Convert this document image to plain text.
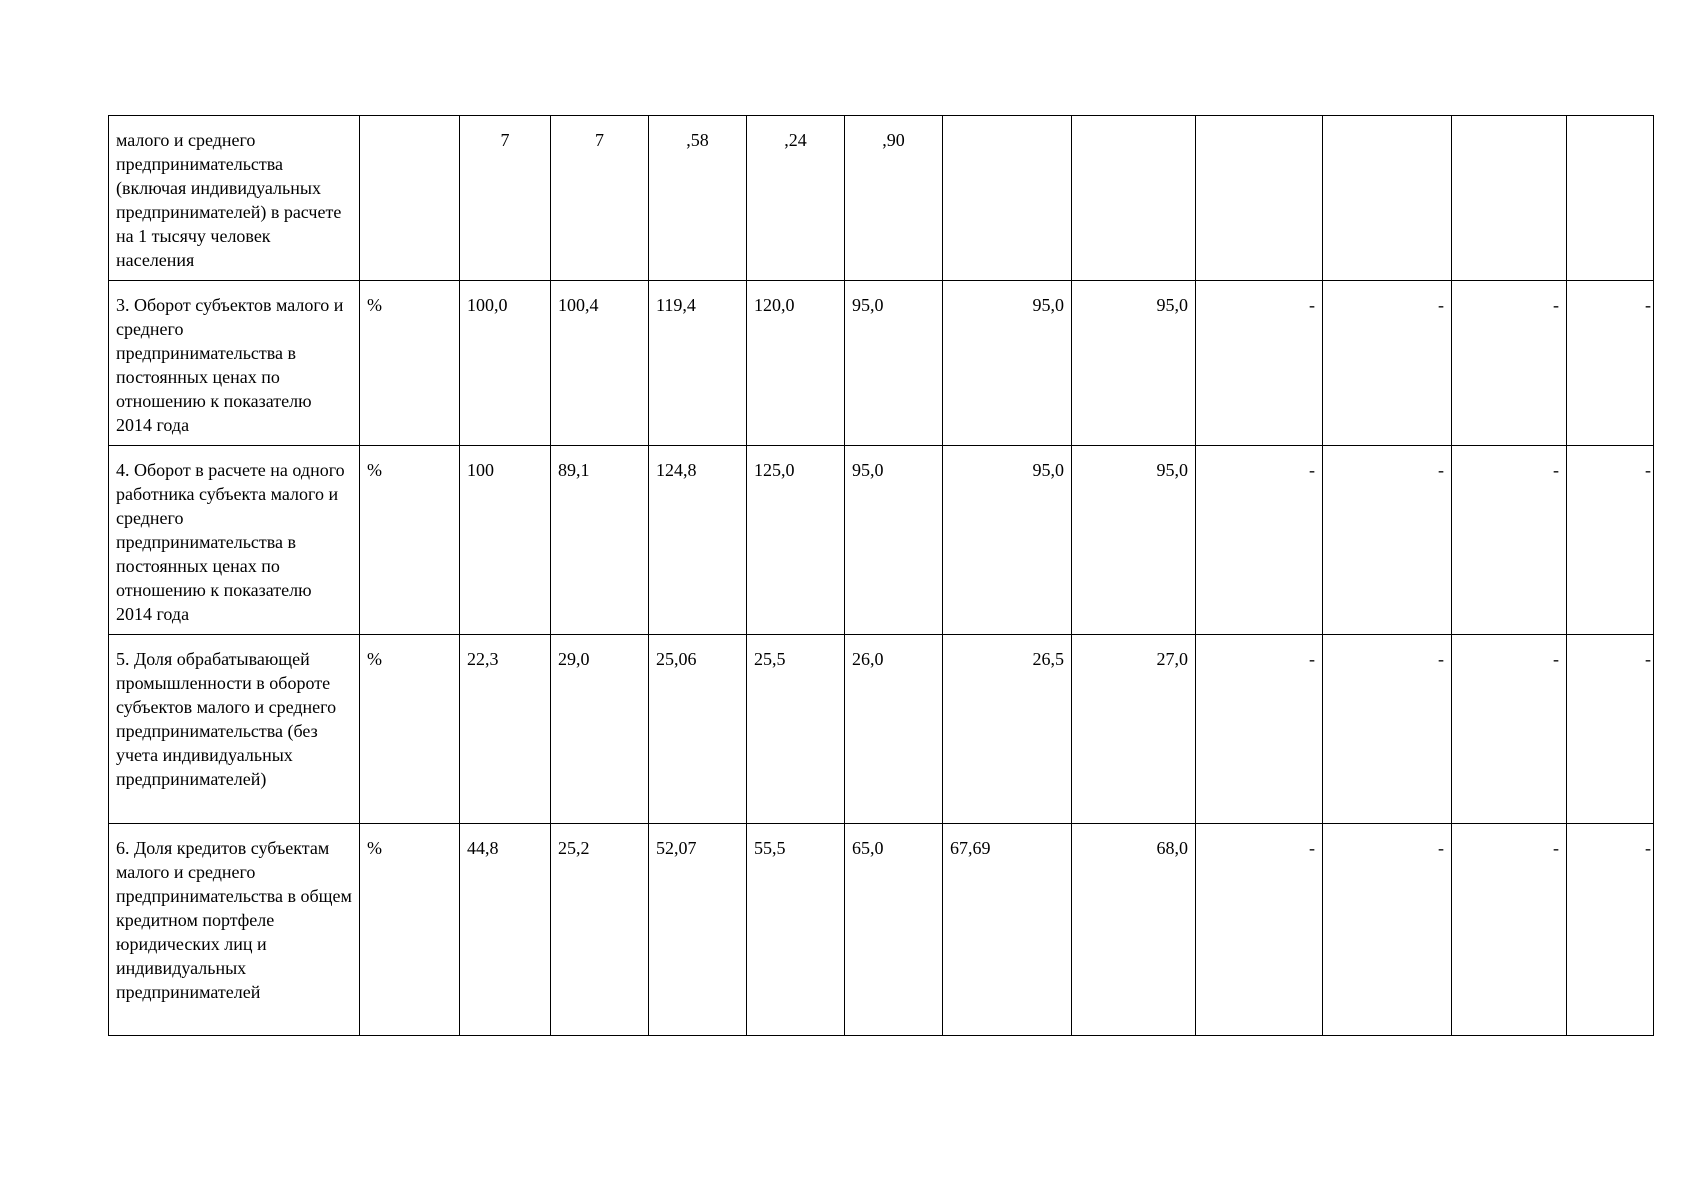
малого и среднего предпринимательства (включая индивидуальных предпринимателей) в расчете на 1 тысячу человек населения		7	7	,58	,24	,90						
3. Оборот субъектов малого и среднего предпринимательства в постоянных ценах по отношению к показателю 2014 года	%	100,0	100,4	119,4	120,0	95,0	95,0	95,0	-	-	-	-
4. Оборот в расчете на одного работника субъекта малого и среднего предпринимательства в постоянных ценах по отношению к показателю 2014 года	%	100	89,1	124,8	125,0	95,0	95,0	95,0	-	-	-	-
5. Доля обрабатывающей промышленности в обороте субъектов малого и среднего предпринимательства (без учета индивидуальных предпринимателей)	%	22,3	29,0	25,06	25,5	26,0	26,5	27,0	-	-	-	-
6. Доля кредитов субъектам малого и среднего предпринимательства в общем кредитном портфеле юридических лиц и индивидуальных предпринимателей	%	44,8	25,2	52,07	55,5	65,0	67,69	68,0	-	-	-	-
